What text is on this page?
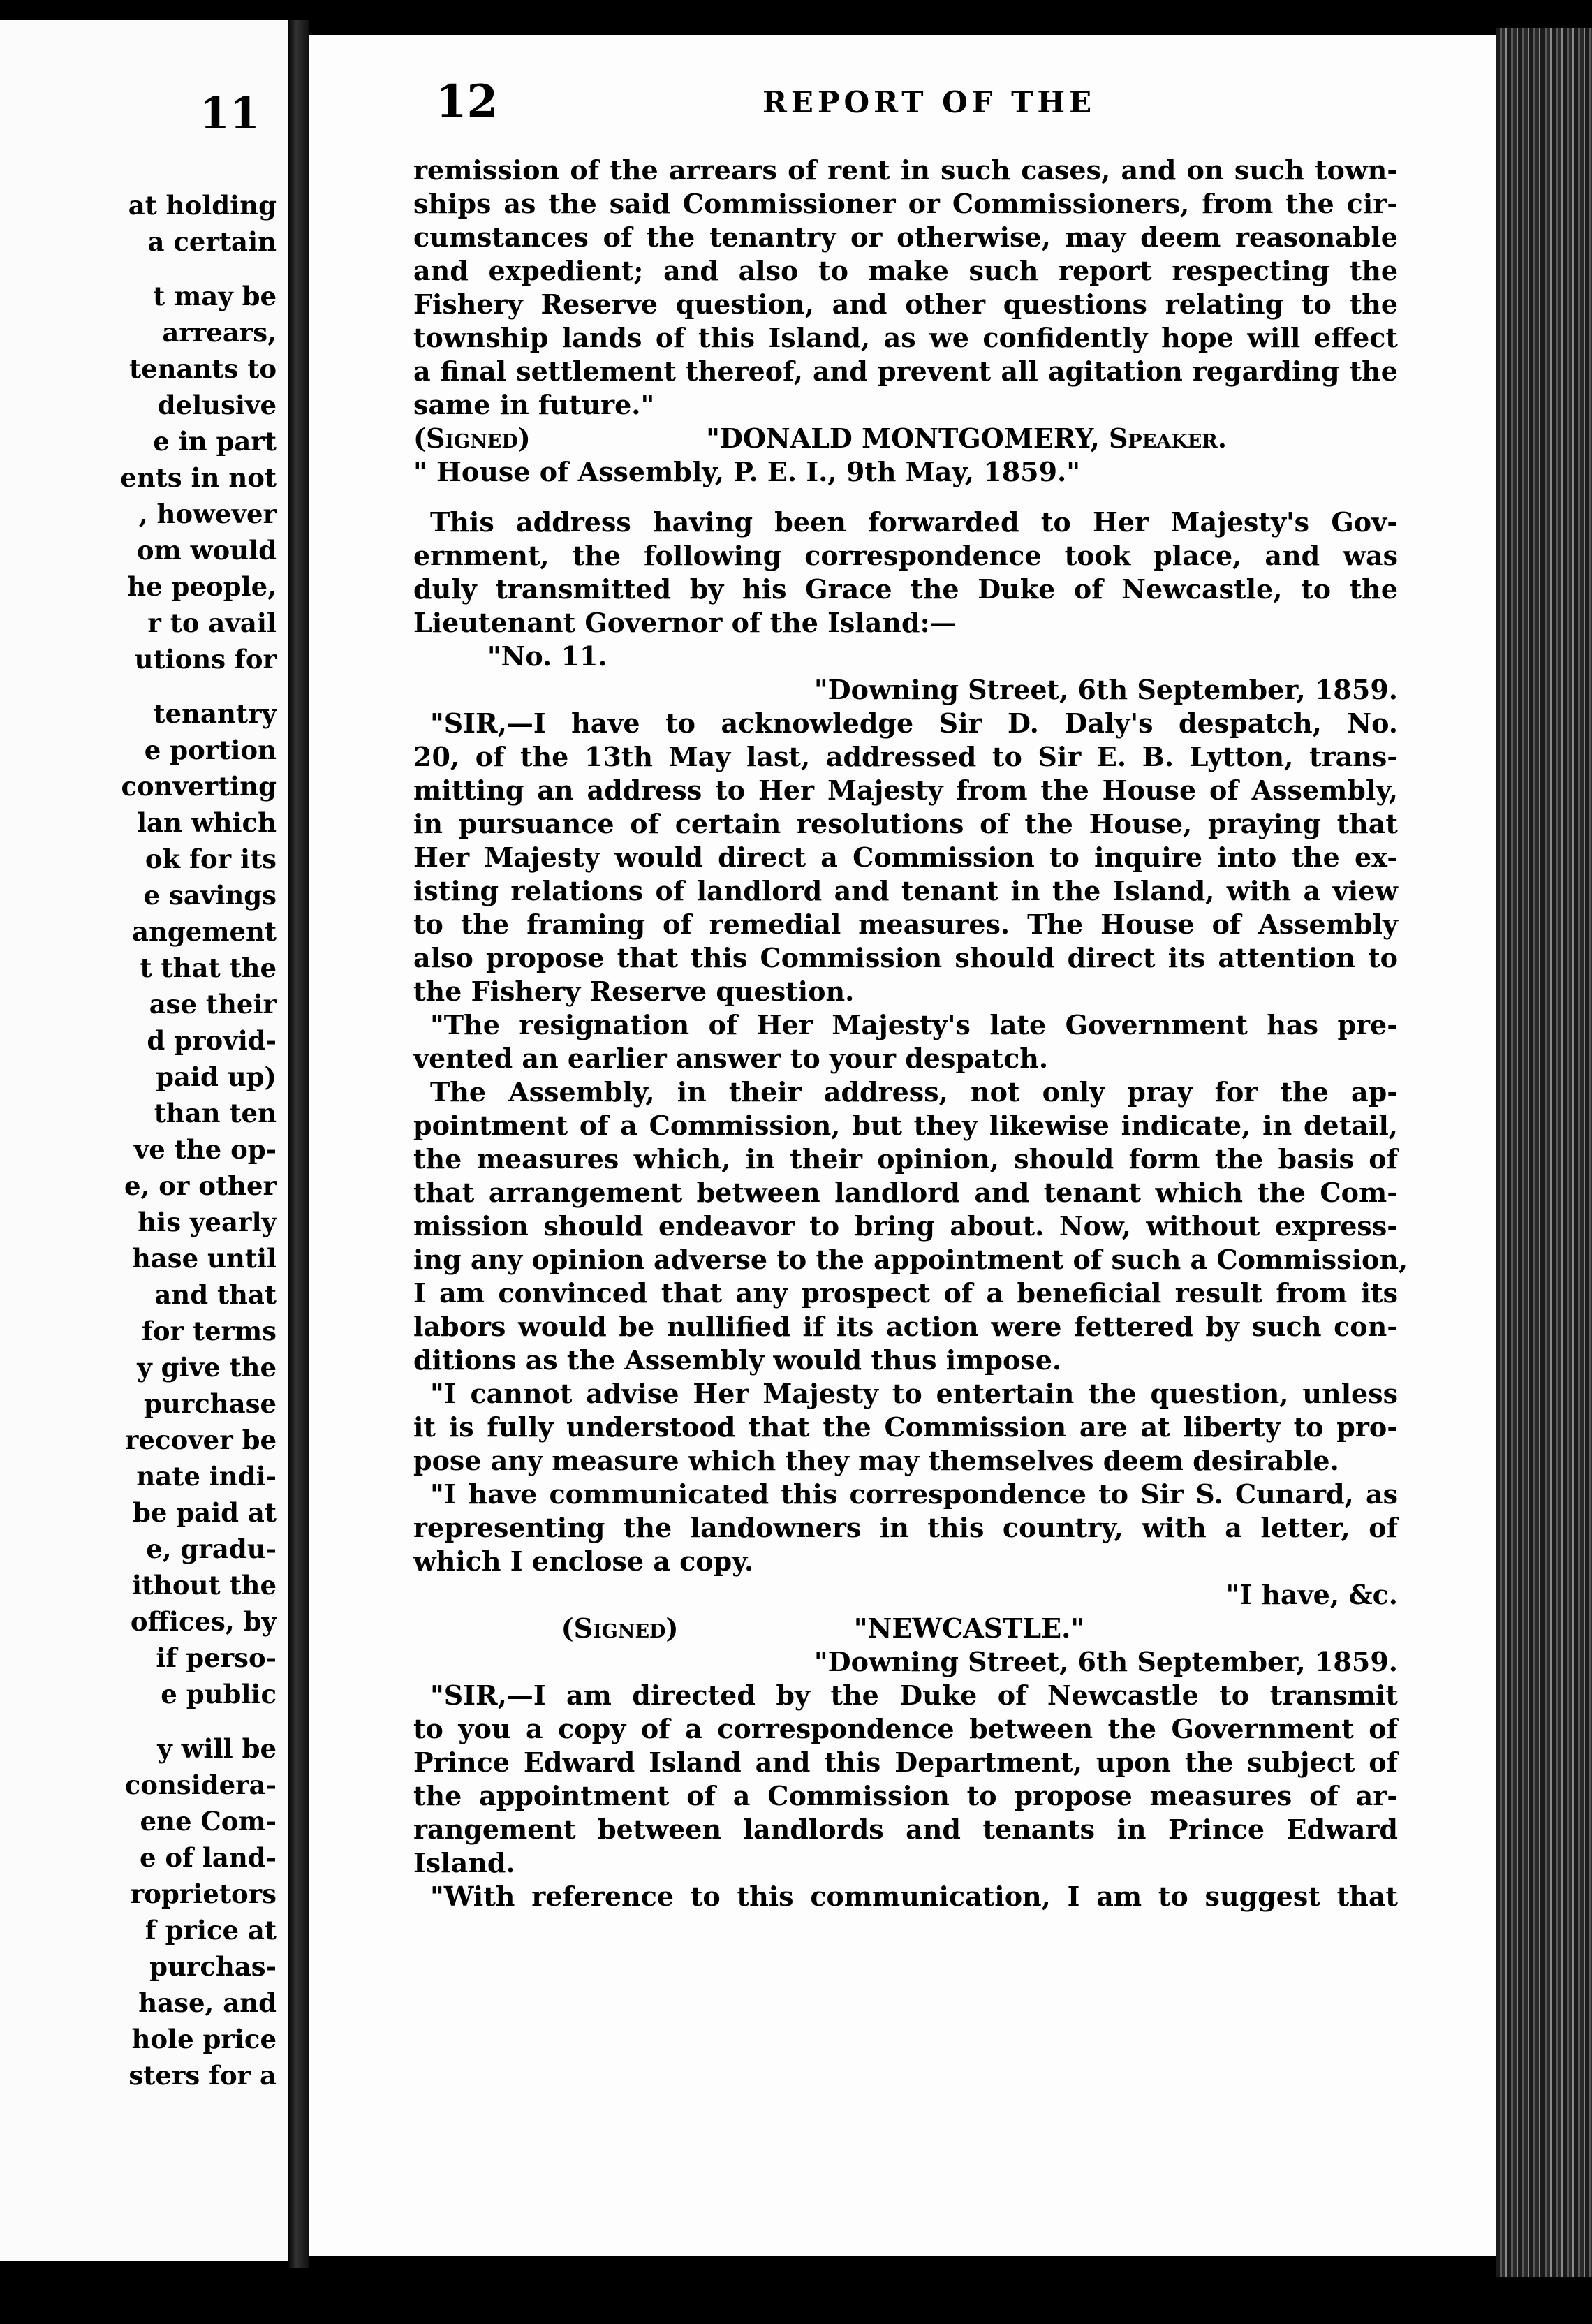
11
at holding
a certain
t may be
arrears,
tenants to
delusive
e in part
ents in not
, however
om would
he people,
r to avail
utions for
tenantry
e portion
converting
lan which
ok for its
e savings
angement
t that the
ase their
d provid-
paid up)
than ten
ve the op-
e, or other
his yearly
hase until
and that
for terms
y give the
purchase
recover be
nate indi-
be paid at
e, gradu-
ithout the
offices, by
if perso-
e public
y will be
considera-
ene Com-
e of land-
roprietors
f price at
purchas-
hase, and
hole price
sters for a
12	REPORT OF THE
remission of the arrears of rent in such cases, and on such town-
ships as the said Commissioner or Commissioners, from the cir-
cumstances of the tenantry or otherwise, may deem reasonable
and expedient; and also to make such report respecting the
Fishery Reserve question, and other questions relating to the
township lands of this Island, as we confidently hope will effect
a final settlement thereof, and prevent all agitation regarding the
same in future."
(Signed)                   "DONALD MONTGOMERY, Speaker.
" House of Assembly, P. E. I., 9th May, 1859."
This address having been forwarded to Her Majesty's Gov-
ernment, the following correspondence took place, and was
duly transmitted by his Grace the Duke of Newcastle, to the
Lieutenant Governor of the Island:—
"No. 11.
"Downing Street, 6th September, 1859.
"SIR,—I have to acknowledge Sir D. Daly's despatch, No.
20, of the 13th May last, addressed to Sir E. B. Lytton, trans-
mitting an address to Her Majesty from the House of Assembly,
in pursuance of certain resolutions of the House, praying that
Her Majesty would direct a Commission to inquire into the ex-
isting relations of landlord and tenant in the Island, with a view
to the framing of remedial measures. The House of Assembly
also propose that this Commission should direct its attention to
the Fishery Reserve question.
"The resignation of Her Majesty's late Government has pre-
vented an earlier answer to your despatch.
The Assembly, in their address, not only pray for the ap-
pointment of a Commission, but they likewise indicate, in detail,
the measures which, in their opinion, should form the basis of
that arrangement between landlord and tenant which the Com-
mission should endeavor to bring about. Now, without express-
ing any opinion adverse to the appointment of such a Commission,
I am convinced that any prospect of a beneficial result from its
labors would be nullified if its action were fettered by such con-
ditions as the Assembly would thus impose.
"I cannot advise Her Majesty to entertain the question, unless
it is fully understood that the Commission are at liberty to pro-
pose any measure which they may themselves deem desirable.
"I have communicated this correspondence to Sir S. Cunard, as
representing the landowners in this country, with a letter, of
which I enclose a copy.
"I have, &c.
(Signed)                   "NEWCASTLE."
"Downing Street, 6th September, 1859.
"SIR,—I am directed by the Duke of Newcastle to transmit
to you a copy of a correspondence between the Government of
Prince Edward Island and this Department, upon the subject of
the appointment of a Commission to propose measures of ar-
rangement between landlords and tenants in Prince Edward
Island.
"With reference to this communication, I am to suggest that
